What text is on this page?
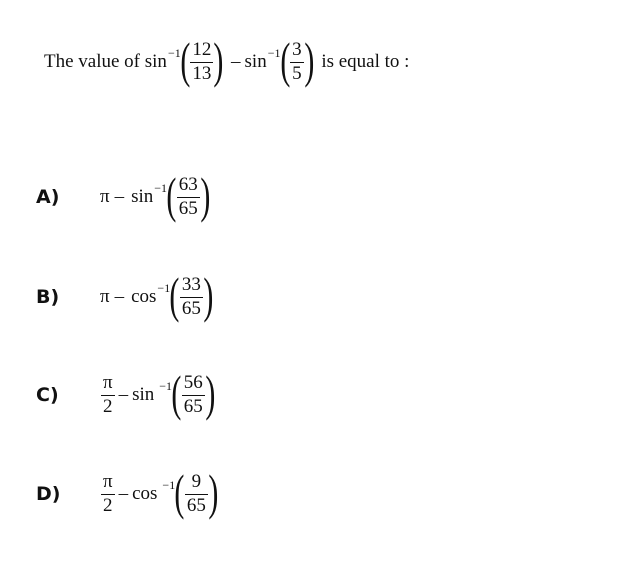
The value of sin −1 ( $\frac{12}{13}$ ) – sin −1 ( $\frac{3}{5}$ ) is equal to :
A)	π – sin −1 ( $\frac{63}{65}$ )
B)	π – cos −1 ( $\frac{33}{65}$ )
C)	$\frac{\pi}{2} - \sin -1$ ( $\frac{56}{65}$ )
D)	$\frac{\pi}{2} - \cos -1$ ( $\frac{9}{65}$ )
